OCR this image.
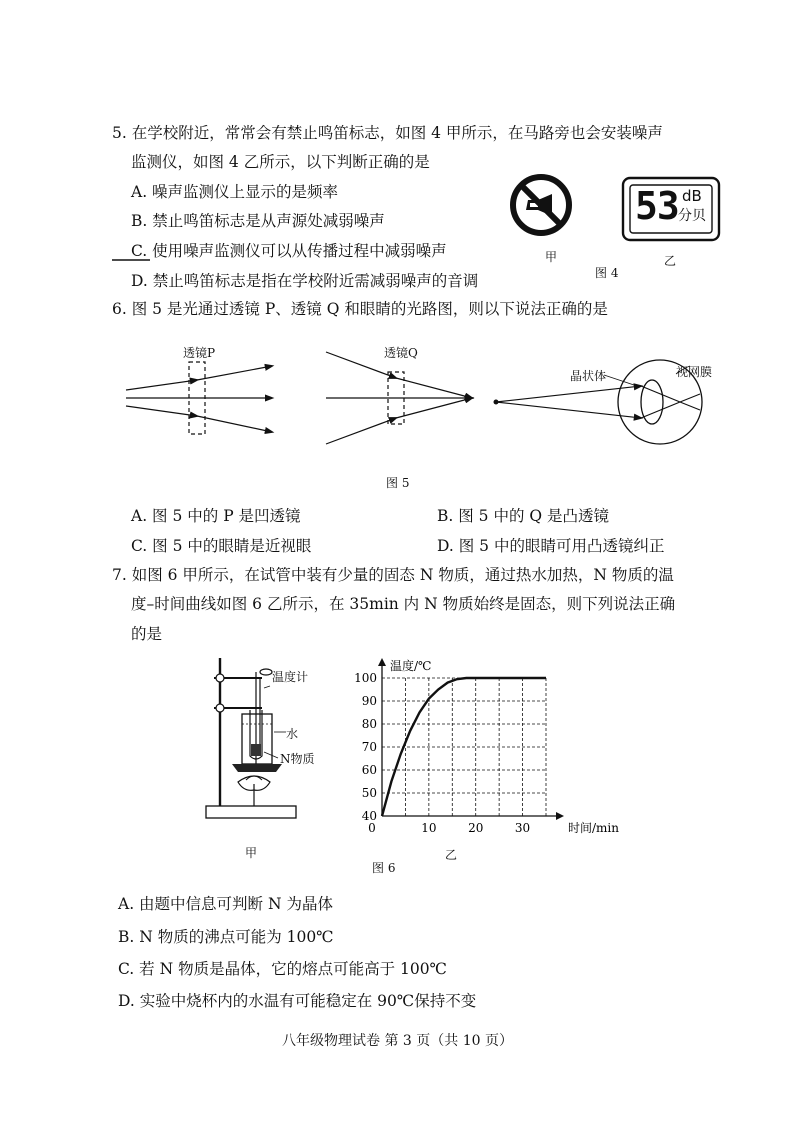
5. 在学校附近，常常会有禁止鸣笛标志，如图 4 甲所示，在马路旁也会安装噪声
监测仪，如图 4 乙所示，以下判断正确的是
A. 噪声监测仪上显示的是频率
B. 禁止鸣笛标志是从声源处减弱噪声
C. 使用噪声监测仪可以从传播过程中减弱噪声
D. 禁止鸣笛标志是指在学校附近需减弱噪声的音调
甲
53 dB
分贝
图 4
乙
6. 图 5 是光通过透镜 P、透镜 Q 和眼睛的光路图，则以下说法正确的是
透镜P	透镜Q
晶状体	视网膜
图 5
A. 图 5 中的 P 是凹透镜	B. 图 5 中的 Q 是凸透镜
C. 图 5 中的眼睛是近视眼	D. 图 5 中的眼睛可用凸透镜纠正
7. 如图 6 甲所示，在试管中装有少量的固态 N 物质，通过热水加热，N 物质的温
度–时间曲线如图 6 乙所示，在 35min 内 N 物质始终是固态，则下列说法正确
的是
温度计
水
N物质
甲
40
50
60
70
80
90
100
10	20	30
0
温度/℃
时间/min
乙
图 6
A. 由题中信息可判断 N 为晶体
B. N 物质的沸点可能为 100℃
C. 若 N 物质是晶体，它的熔点可能高于 100℃
D. 实验中烧杯内的水温有可能稳定在 90℃保持不变
八年级物理试卷 第 3 页（共 10 页）
